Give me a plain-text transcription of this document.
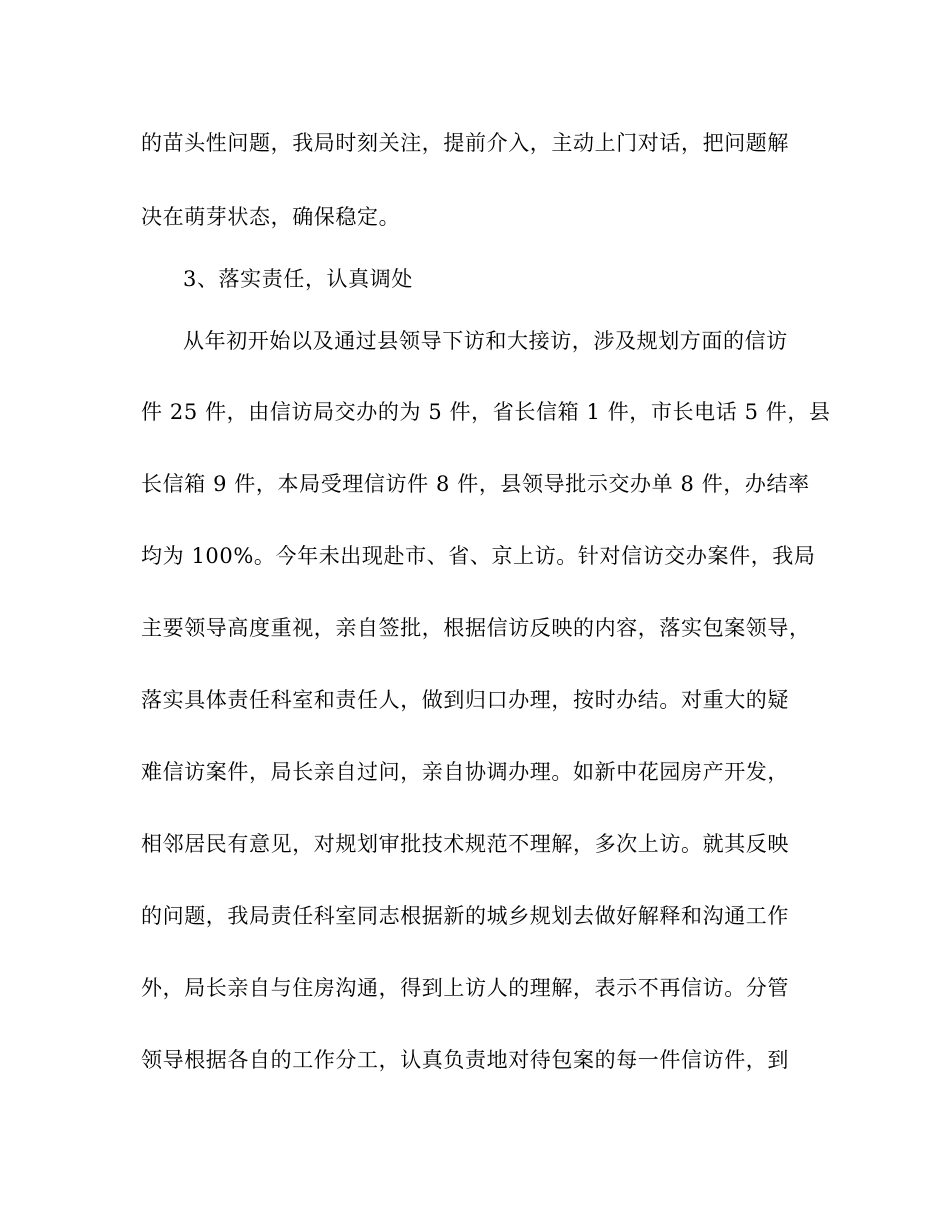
的苗头性问题，我局时刻关注，提前介入，主动上门对话，把问题解
决在萌芽状态，确保稳定。
3、落实责任，认真调处
从年初开始以及通过县领导下访和大接访，涉及规划方面的信访
件 25 件，由信访局交办的为 5 件，省长信箱 1 件，市长电话 5 件，县
长信箱 9 件，本局受理信访件 8 件，县领导批示交办单 8 件，办结率
均为 100%。今年未出现赴市、省、京上访。针对信访交办案件，我局
主要领导高度重视，亲自签批，根据信访反映的内容，落实包案领导，
落实具体责任科室和责任人，做到归口办理，按时办结。对重大的疑
难信访案件，局长亲自过问，亲自协调办理。如新中花园房产开发，
相邻居民有意见，对规划审批技术规范不理解，多次上访。就其反映
的问题，我局责任科室同志根据新的城乡规划去做好解释和沟通工作
外，局长亲自与住房沟通，得到上访人的理解，表示不再信访。分管
领导根据各自的工作分工，认真负责地对待包案的每一件信访件，到
